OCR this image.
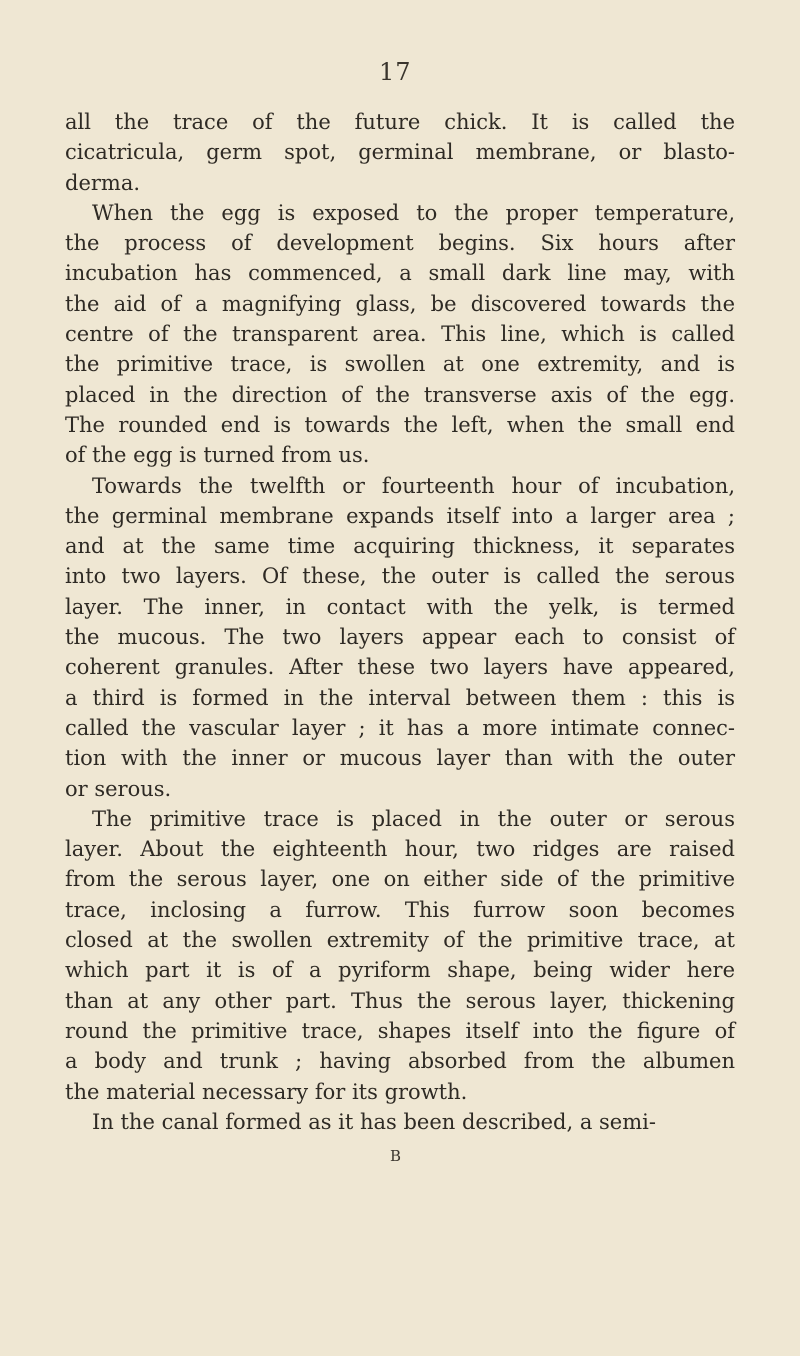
17
all the trace of the future chick. It is called the
cicatricula, germ spot, germinal membrane, or blasto-
derma.
When the egg is exposed to the proper temperature,
the process of development begins. Six hours after
incubation has commenced, a small dark line may, with
the aid of a magnifying glass, be discovered towards the
centre of the transparent area. This line, which is called
the primitive trace, is swollen at one extremity, and is
placed in the direction of the transverse axis of the egg.
The rounded end is towards the left, when the small end
of the egg is turned from us.
Towards the twelfth or fourteenth hour of incubation,
the germinal membrane expands itself into a larger area ;
and at the same time acquiring thickness, it separates
into two layers. Of these, the outer is called the serous
layer. The inner, in contact with the yelk, is termed
the mucous. The two layers appear each to consist of
coherent granules. After these two layers have appeared,
a third is formed in the interval between them : this is
called the vascular layer ; it has a more intimate connec-
tion with the inner or mucous layer than with the outer
or serous.
The primitive trace is placed in the outer or serous
layer. About the eighteenth hour, two ridges are raised
from the serous layer, one on either side of the primitive
trace, inclosing a furrow. This furrow soon becomes
closed at the swollen extremity of the primitive trace, at
which part it is of a pyriform shape, being wider here
than at any other part. Thus the serous layer, thickening
round the primitive trace, shapes itself into the figure of
a body and trunk ; having absorbed from the albumen
the material necessary for its growth.
In the canal formed as it has been described, a semi-
B
